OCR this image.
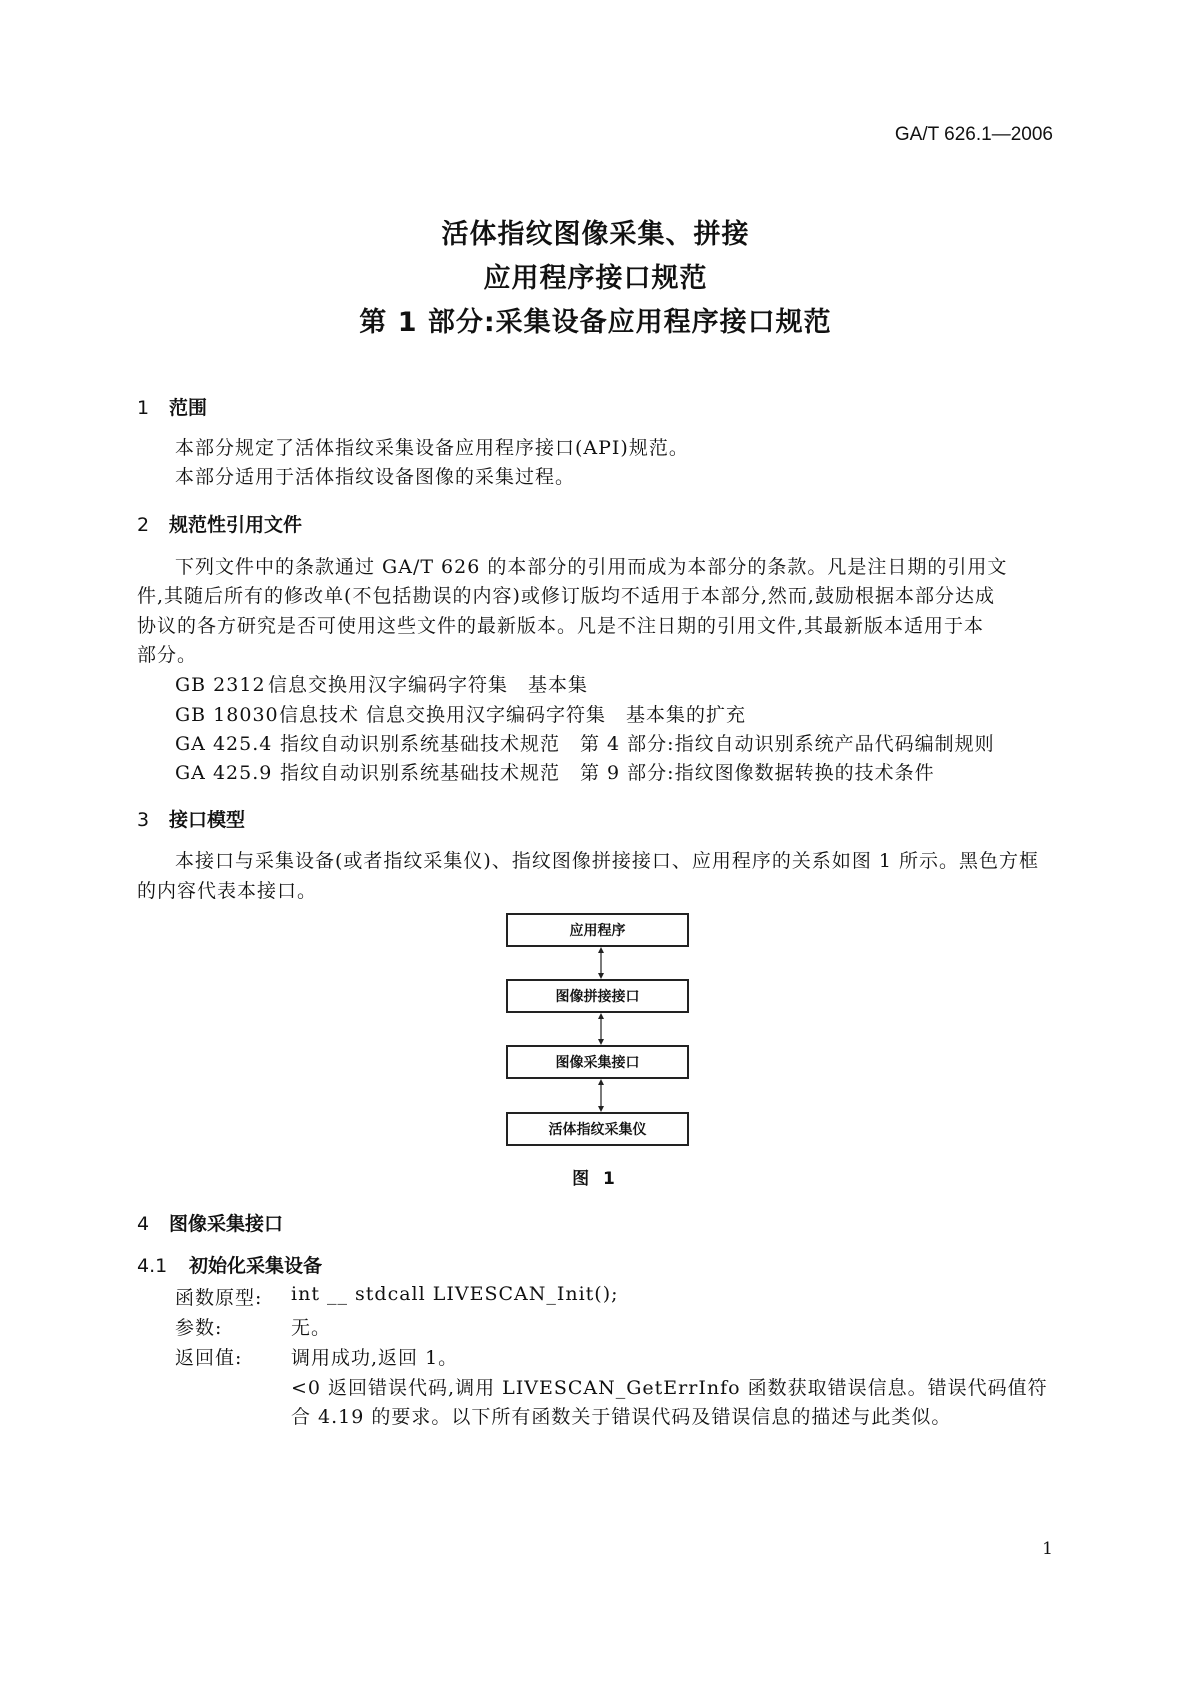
GA/T 626.1—2006
活体指纹图像采集、拼接
应用程序接口规范
第 1 部分:采集设备应用程序接口规范
1 范围
本部分规定了活体指纹采集设备应用程序接口(API)规范。
本部分适用于活体指纹设备图像的采集过程。
2 规范性引用文件
下列文件中的条款通过 GA/T 626 的本部分的引用而成为本部分的条款。凡是注日期的引用文
件,其随后所有的修改单(不包括勘误的内容)或修订版均不适用于本部分,然而,鼓励根据本部分达成
协议的各方研究是否可使用这些文件的最新版本。凡是不注日期的引用文件,其最新版本适用于本
部分。
GB 2312 信息交换用汉字编码字符集　基本集
GB 18030信息技术 信息交换用汉字编码字符集　基本集的扩充
GA 425.4 指纹自动识别系统基础技术规范　第 4 部分:指纹自动识别系统产品代码编制规则
GA 425.9 指纹自动识别系统基础技术规范　第 9 部分:指纹图像数据转换的技术条件
3 接口模型
本接口与采集设备(或者指纹采集仪)、指纹图像拼接接口、应用程序的关系如图 1 所示。黑色方框
的内容代表本接口。
应用程序
图像拼接接口
图像采集接口
活体指纹采集仪
图 1
4 图像采集接口
4.1 初始化采集设备
函数原型: int __ stdcall LIVESCAN_Init();
参数:	无。
返回值:	调用成功,返回 1。
<0 返回错误代码,调用 LIVESCAN_GetErrInfo 函数获取错误信息。错误代码值符
合 4.19 的要求。以下所有函数关于错误代码及错误信息的描述与此类似。
1
